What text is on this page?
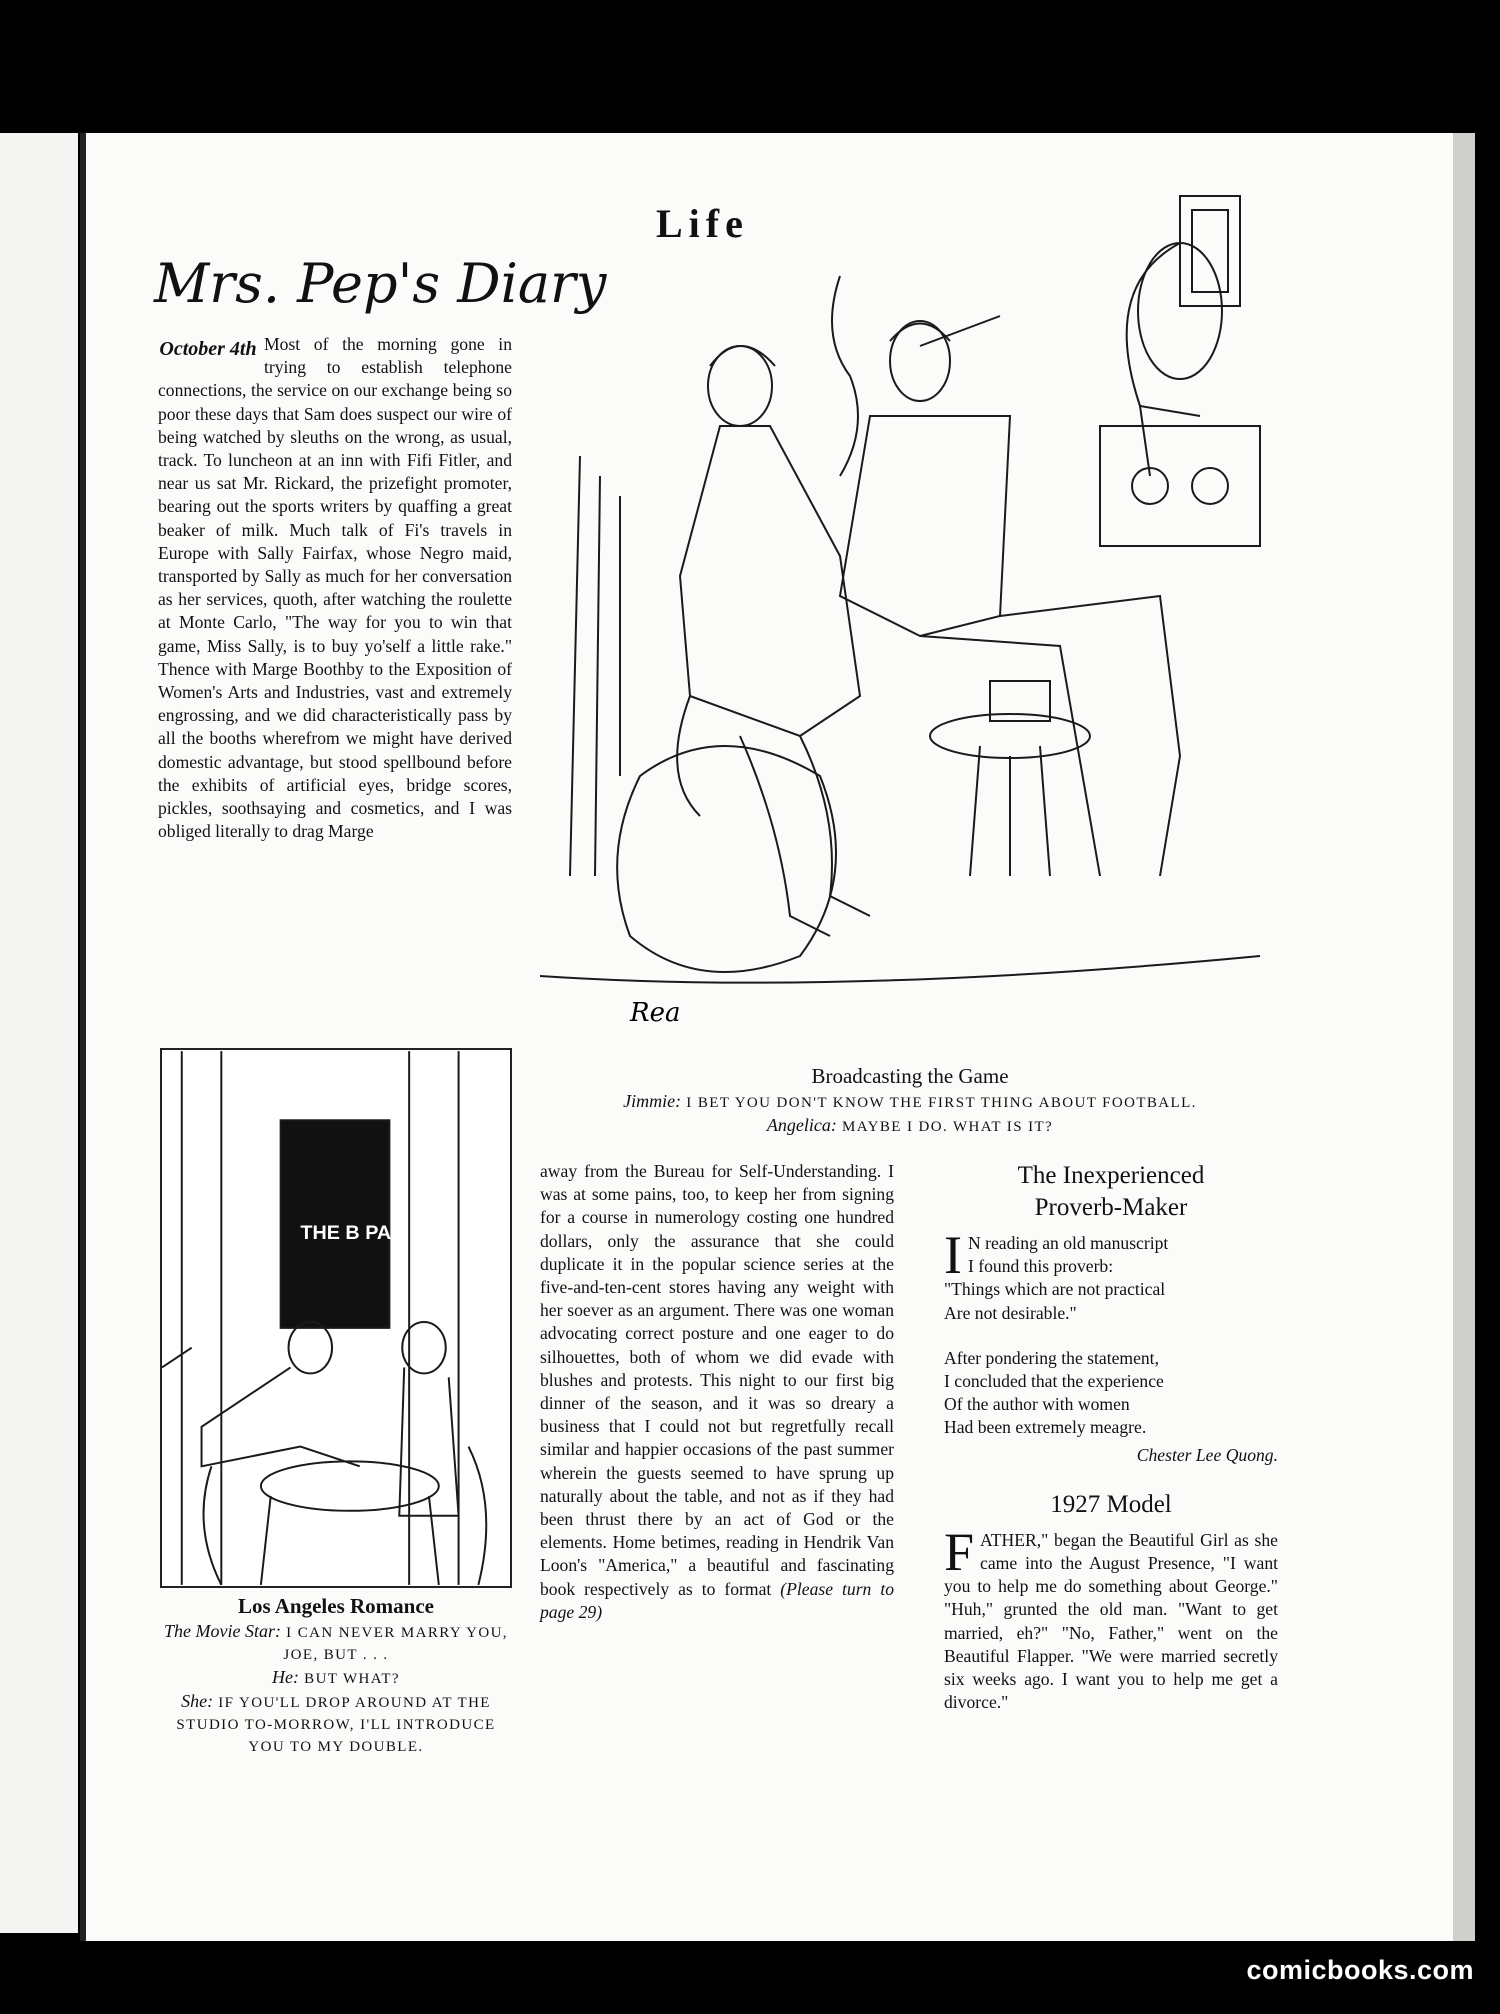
Life
Mrs. Pep's Diary
October 4th Most of the morning gone in trying to establish telephone connections, the service on our exchange being so poor these days that Sam does suspect our wire of being watched by sleuths on the wrong, as usual, track. To luncheon at an inn with Fifi Fitler, and near us sat Mr. Rickard, the prizefight promoter, bearing out the sports writers by quaffing a great beaker of milk. Much talk of Fi's travels in Europe with Sally Fairfax, whose Negro maid, transported by Sally as much for her conversation as her services, quoth, after watching the roulette at Monte Carlo, "The way for you to win that game, Miss Sally, is to buy yo'self a little rake." Thence with Marge Boothby to the Exposition of Women's Arts and Industries, vast and extremely engrossing, and we did characteristically pass by all the booths wherefrom we might have derived domestic advantage, but stood spellbound before the exhibits of artificial eyes, bridge scores, pickles, soothsaying and cosmetics, and I was obliged literally to drag Marge
Rea
Broadcasting the Game
Jimmie: I BET YOU DON'T KNOW THE FIRST THING ABOUT FOOTBALL.
Angelica: MAYBE I DO. WHAT IS IT?
THE B PAR
Los Angeles Romance
The Movie Star: I CAN NEVER MARRY YOU, JOE, BUT . . .
He: BUT WHAT?
She: IF YOU'LL DROP AROUND AT THE STUDIO TO-MORROW, I'LL INTRODUCE YOU TO MY DOUBLE.
away from the Bureau for Self-Understanding. I was at some pains, too, to keep her from signing for a course in numerology costing one hundred dollars, only the assurance that she could duplicate it in the popular science series at the five-and-ten-cent stores having any weight with her soever as an argument. There was one woman advocating correct posture and one eager to do silhouettes, both of whom we did evade with blushes and protests. This night to our first big dinner of the season, and it was so dreary a business that I could not but regretfully recall similar and happier occasions of the past summer wherein the guests seemed to have sprung up naturally about the table, and not as if they had been thrust there by an act of God or the elements. Home betimes, reading in Hendrik Van Loon's "America," a beautiful and fascinating book respectively as to format (Please turn to page 29)
The Inexperienced
Proverb-Maker
I N reading an old manuscript
I found this proverb:
"Things which are not practical
Are not desirable."
After pondering the statement,
I concluded that the experience
Of the author with women
Had been extremely meagre.
Chester Lee Quong.
1927 Model
F ATHER," began the Beautiful Girl as she came into the August Presence, "I want you to help me do something about George." "Huh," grunted the old man. "Want to get married, eh?" "No, Father," went on the Beautiful Flapper. "We were married secretly six weeks ago. I want you to help me get a divorce."
comicbooks.com
